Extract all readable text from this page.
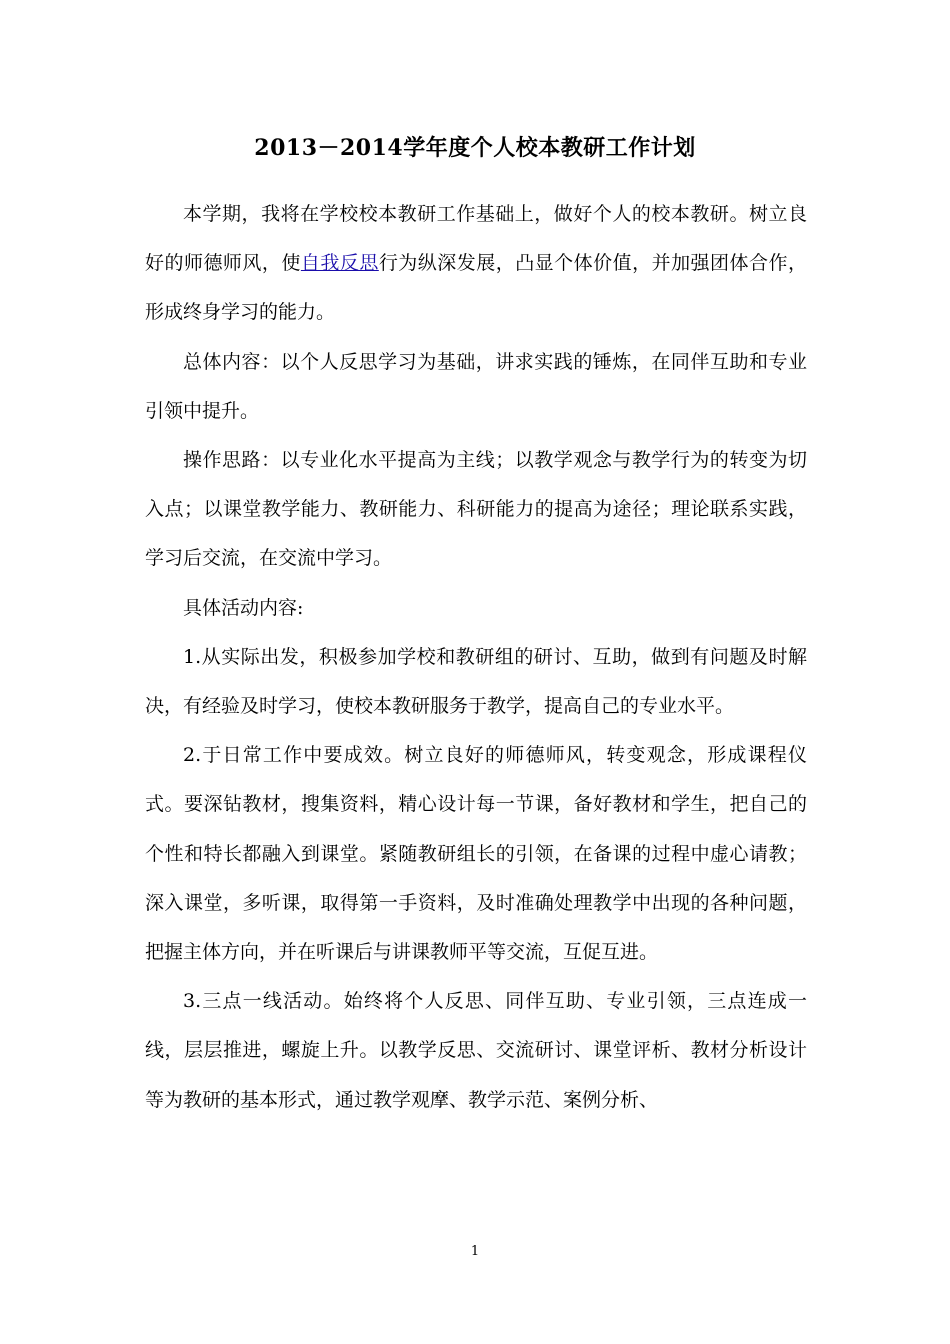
2013－2014学年度个人校本教研工作计划

本学期，我将在学校校本教研工作基础上，做好个人的校本教研。树立良好的师德师风，使自我反思行为纵深发展，凸显个体价值，并加强团体合作，形成终身学习的能力。

总体内容：以个人反思学习为基础，讲求实践的锤炼，在同伴互助和专业引领中提升。

操作思路：以专业化水平提高为主线；以教学观念与教学行为的转变为切入点；以课堂教学能力、教研能力、科研能力的提高为途径；理论联系实践，学习后交流，在交流中学习。

具体活动内容:

1.从实际出发，积极参加学校和教研组的研讨、互助，做到有问题及时解决，有经验及时学习，使校本教研服务于教学，提高自己的专业水平。

2.于日常工作中要成效。树立良好的师德师风，转变观念，形成课程仪式。要深钻教材，搜集资料，精心设计每一节课，备好教材和学生，把自己的个性和特长都融入到课堂。紧随教研组长的引领，在备课的过程中虚心请教；深入课堂，多听课，取得第一手资料，及时准确处理教学中出现的各种问题，把握主体方向，并在听课后与讲课教师平等交流，互促互进。

3.三点一线活动。始终将个人反思、同伴互助、专业引领，三点连成一线，层层推进，螺旋上升。以教学反思、交流研讨、课堂评析、教材分析设计等为教研的基本形式，通过教学观摩、教学示范、案例分析、

1
